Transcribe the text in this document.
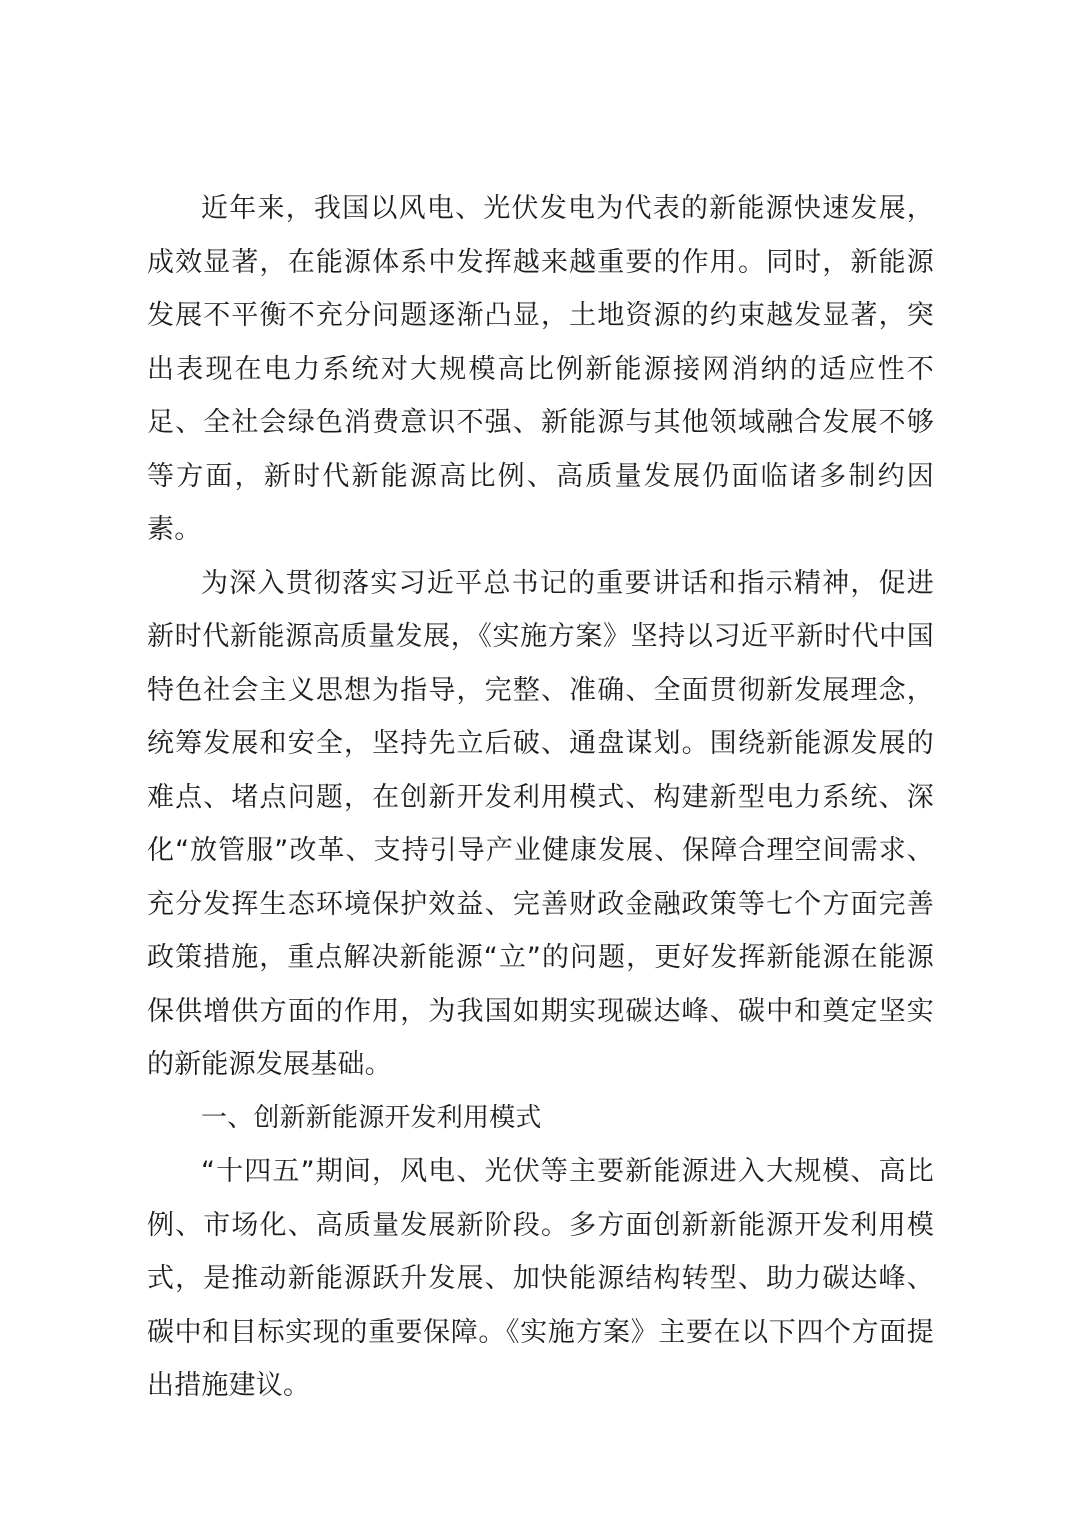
近年来，我国以风电、光伏发电为代表的新能源快速发展，成效显著，在能源体系中发挥越来越重要的作用。同时，新能源发展不平衡不充分问题逐渐凸显，土地资源的约束越发显著，突出表现在电力系统对大规模高比例新能源接网消纳的适应性不足、全社会绿色消费意识不强、新能源与其他领域融合发展不够等方面，新时代新能源高比例、高质量发展仍面临诸多制约因素。

为深入贯彻落实习近平总书记的重要讲话和指示精神，促进新时代新能源高质量发展，《实施方案》坚持以习近平新时代中国特色社会主义思想为指导，完整、准确、全面贯彻新发展理念，统筹发展和安全，坚持先立后破、通盘谋划。围绕新能源发展的难点、堵点问题，在创新开发利用模式、构建新型电力系统、深化“放管服”改革、支持引导产业健康发展、保障合理空间需求、充分发挥生态环境保护效益、完善财政金融政策等七个方面完善政策措施，重点解决新能源“立”的问题，更好发挥新能源在能源保供增供方面的作用，为我国如期实现碳达峰、碳中和奠定坚实的新能源发展基础。

一、创新新能源开发利用模式

“十四五”期间，风电、光伏等主要新能源进入大规模、高比例、市场化、高质量发展新阶段。多方面创新新能源开发利用模式，是推动新能源跃升发展、加快能源结构转型、助力碳达峰、碳中和目标实现的重要保障。《实施方案》主要在以下四个方面提出措施建议。
